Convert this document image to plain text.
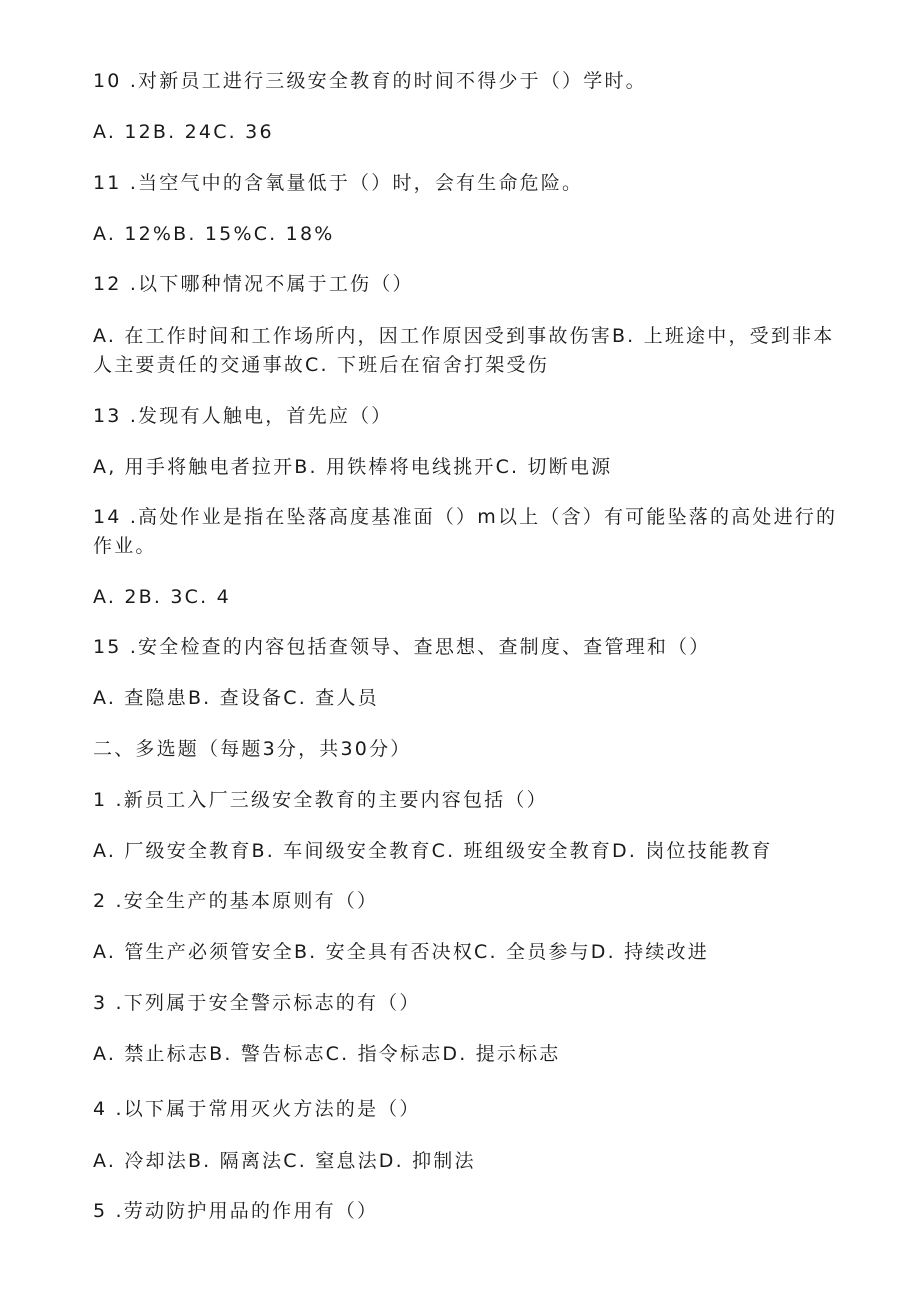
10 .对新员工进行三级安全教育的时间不得少于（）学时。
A. 12B. 24C. 36
11 .当空气中的含氧量低于（）时，会有生命危险。
A. 12%B. 15%C. 18%
12 .以下哪种情况不属于工伤（）
A. 在工作时间和工作场所内，因工作原因受到事故伤害B. 上班途中，受到非本人主要责任的交通事故C. 下班后在宿舍打架受伤
13 .发现有人触电，首先应（）
A, 用手将触电者拉开B. 用铁棒将电线挑开C. 切断电源
14 .高处作业是指在坠落高度基准面（）m以上（含）有可能坠落的高处进行的作业。
A. 2B. 3C. 4
15 .安全检查的内容包括查领导、查思想、查制度、查管理和（）
A. 查隐患B. 查设备C. 查人员
二、多选题（每题3分，共30分）
1 .新员工入厂三级安全教育的主要内容包括（）
A. 厂级安全教育B. 车间级安全教育C. 班组级安全教育D. 岗位技能教育
2 .安全生产的基本原则有（）
A. 管生产必须管安全B. 安全具有否决权C. 全员参与D. 持续改进
3 .下列属于安全警示标志的有（）
A. 禁止标志B. 警告标志C. 指令标志D. 提示标志
4 .以下属于常用灭火方法的是（）
A. 冷却法B. 隔离法C. 窒息法D. 抑制法
5 .劳动防护用品的作用有（）
